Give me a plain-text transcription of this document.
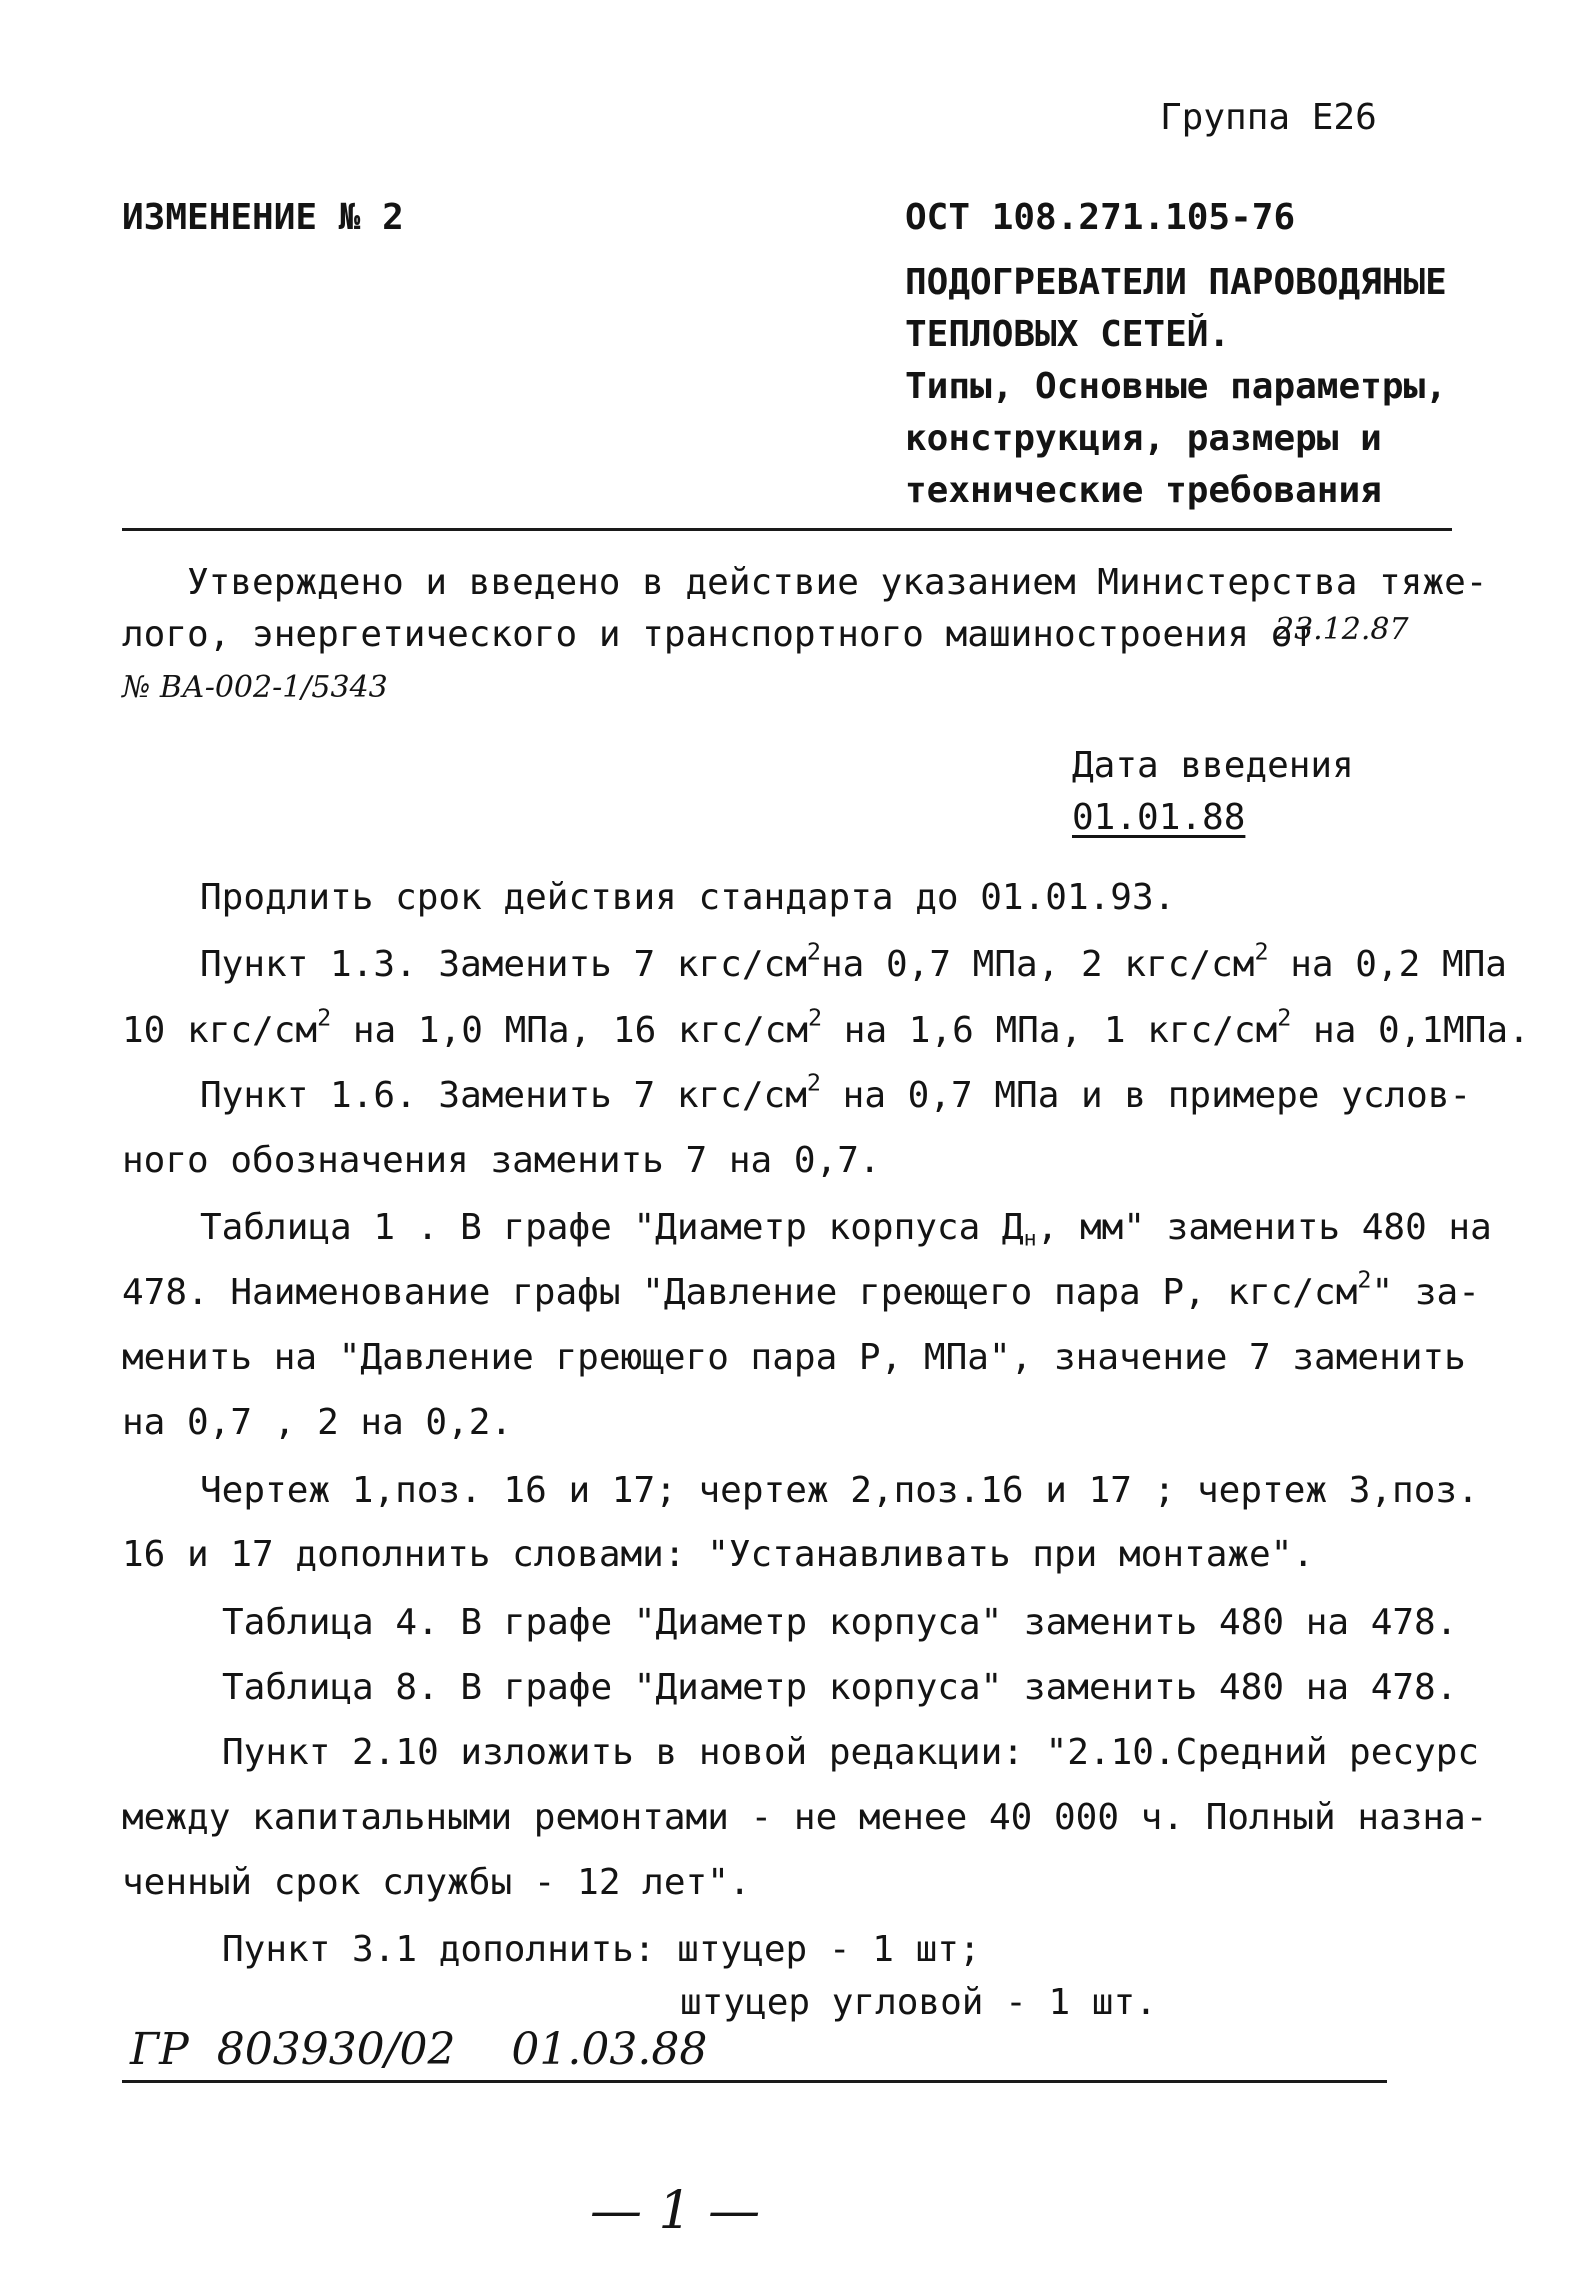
Группа Е26
ИЗМЕНЕНИЕ № 2	ОСТ 108.271.105-76
ПОДОГРЕВАТЕЛИ ПАРОВОДЯНЫЕ
ТЕПЛОВЫХ СЕТЕЙ.
Типы, Основные параметры,
конструкция, размеры и
технические требования
Утверждено и введено в действие указанием Министерства тяже-
лого, энергетического и транспортного машиностроения от
23.12.87
№ ВА-002-1/5343
Дата введения
01.01.88
Продлить срок действия стандарта до 01.01.93.
Пункт 1.3. Заменить 7 кгс/$см^2на$ 0,7 МПа, 2 кгс/$см^2$ на 0,2 МПа
10 кгс/$см^2$ на 1,0 МПа, 16 кгс/$см^2$ на 1,6 МПа, 1 кгс/$см^2$ на 0,1МПа.
Пункт 1.6. Заменить 7 кгс/$см^2$ на 0,7 МПа и в примере услов-
ного обозначения заменить 7 на 0,7.
Таблица 1 . В графе "Диаметр корпуса $Д_н$, мм" заменить 480 на
478. Наименование графы "Давление греющего пара Р, кгс/$см^2$" за-
менить на "Давление греющего пара Р, МПа", значение 7 заменить
на 0,7 , 2 на 0,2.
Чертеж 1,поз. 16 и 17; чертеж 2,поз.16 и 17 ; чертеж 3,поз.
16 и 17 дополнить словами: "Устанавливать при монтаже".
Таблица 4. В графе "Диаметр корпуса" заменить 480 на 478.
Таблица 8. В графе "Диаметр корпуса" заменить 480 на 478.
Пункт 2.10 изложить в новой редакции: "2.10.Средний ресурс
между капитальными ремонтами - не менее 40 000 ч. Полный назна-
ченный срок службы - 12 лет".
Пункт 3.1 дополнить: штуцер - 1 шт;
штуцер угловой - 1 шт.
ГР  803930/02    01.03.88
— 1 —
